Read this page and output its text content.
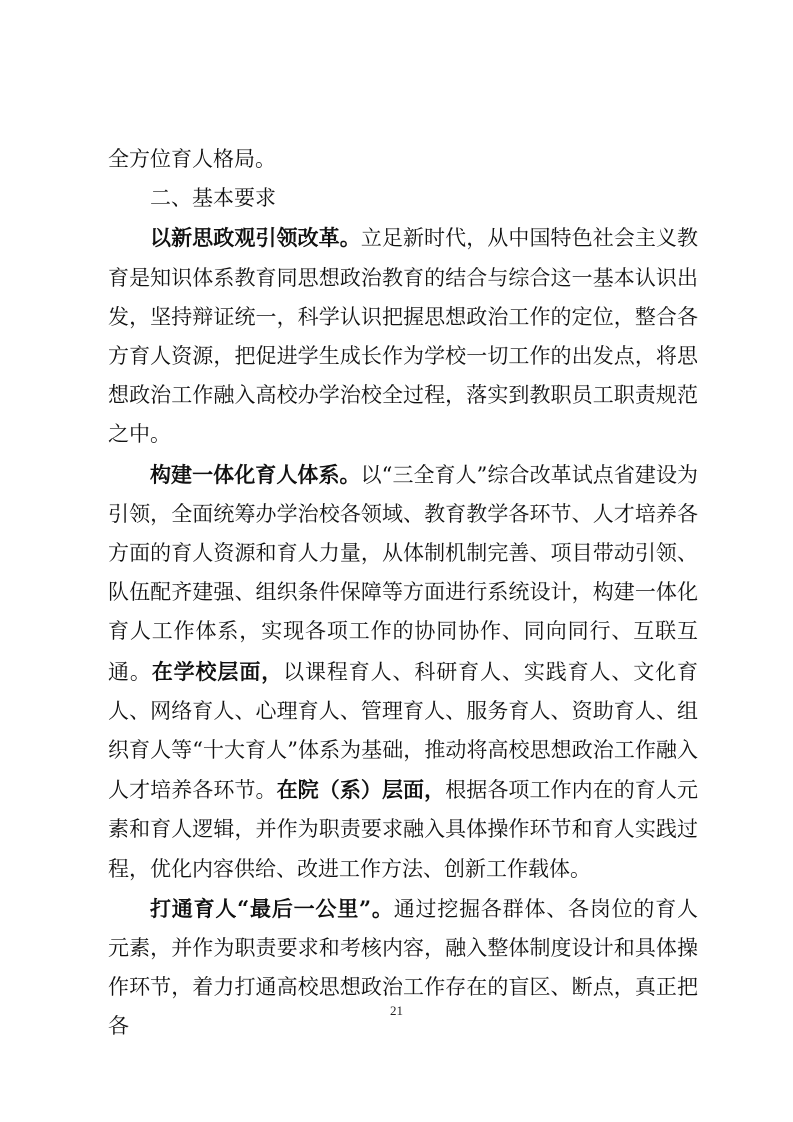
全方位育人格局。

二、基本要求

以新思政观引领改革。立足新时代，从中国特色社会主义教育是知识体系教育同思想政治教育的结合与综合这一基本认识出发，坚持辩证统一，科学认识把握思想政治工作的定位，整合各方育人资源，把促进学生成长作为学校一切工作的出发点，将思想政治工作融入高校办学治校全过程，落实到教职员工职责规范之中。

构建一体化育人体系。以“三全育人”综合改革试点省建设为引领，全面统筹办学治校各领域、教育教学各环节、人才培养各方面的育人资源和育人力量，从体制机制完善、项目带动引领、队伍配齐建强、组织条件保障等方面进行系统设计，构建一体化育人工作体系，实现各项工作的协同协作、同向同行、互联互通。在学校层面，以课程育人、科研育人、实践育人、文化育人、网络育人、心理育人、管理育人、服务育人、资助育人、组织育人等“十大育人”体系为基础，推动将高校思想政治工作融入人才培养各环节。在院（系）层面，根据各项工作内在的育人元素和育人逻辑，并作为职责要求融入具体操作环节和育人实践过程，优化内容供给、改进工作方法、创新工作载体。

打通育人“最后一公里”。通过挖掘各群体、各岗位的育人元素，并作为职责要求和考核内容，融入整体制度设计和具体操作环节，着力打通高校思想政治工作存在的盲区、断点，真正把各

21
